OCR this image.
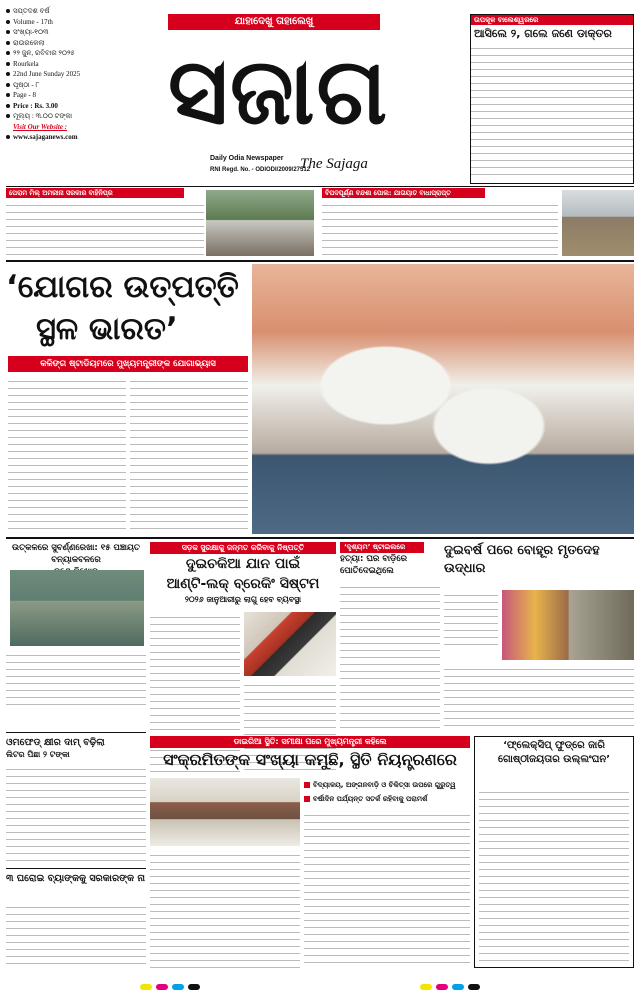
ସପ୍ତଦଶ ବର୍ଷ
Volume - 17th
ସଂଖ୍ୟା-୧୦୩
ରାଉରକେଲା
୨୨ ଜୁନ, ରବିବାର ୨୦୨୫
Rourkela
22nd June Sunday 2025
ପୃଷ୍ଠା - ୮
Page - 8
Price : Rs. 3.00
ମୂଲ୍ୟ : ୩.୦୦ ଟଙ୍କା
Visit Our Website :
www.sajaganews.com
ଯାହାଦେଖୁ ତାହାଲେଖୁ
ସଜାଗ
The Sajaga
Daily Odia Newspaper
RNI Regd. No. - ODIODI/2009/27512
ଉପକୂଳ ବାଲେଶ୍ୱରରେ
ଆସିଲେ ୨, ଗଲେ ଜଣେ ଡାକ୍ତର
ପେରାମ ମିଲ୍ ଅମରୀନା ସରକାର ବାହିନିପ୍ର	ବିପଦପୂର୍ଣ୍ଣ ବନ୍ଦଶା ପୋଲ: ଯାତାୟାତ ବାଧାପ୍ରାପ୍ତ
‘ଯୋଗର ଉତ୍ପତ୍ତି
ସ୍ଥଳ ଭାରତ’
କଳିଙ୍ଗ ଷ୍ଟାଡିୟମରେ ମୁଖ୍ୟମନ୍ତ୍ରୀଙ୍କ ଯୋଗାଭ୍ୟାସ
ଉତ୍କଳରେ ସୁବର୍ଣ୍ଣରେଖା: ୧୫ ପଞ୍ଚାୟତ ବନ୍ୟାକବଳରେ
ସଡ଼କ ସୁରକ୍ଷାକୁ ଜନ୍ମତ କରିବାକୁ ନିଷ୍ପତ୍ତି
ଦୁଇଚକିଆ ଯାନ ପାଇଁ
ଆଣ୍ଟି-ଲକ୍ ବ୍ରେକିଂ ସିଷ୍ଟମ
୨୦୨୬ ଜାନୁଆରୀରୁ ଲାଗୁ ହେବ ବ୍ୟବସ୍ଥା
‘ଦୃଶ୍ୟମ’ ଷ୍ଟାଇଲରେ
ହତ୍ୟା: ଘର ବାଡ଼ିରେ ପୋତିଦେଇଥିଲେ
ଦୁଇବର୍ଷ ପରେ ବୋହୂର ମୃତଦେହ ଉଦ୍ଧାର
ଓମଫେଡ୍ କ୍ଷୀର ଦାମ୍ ବଢ଼ିଲା
ଲିଟର ପିଛା ୨ ଟଙ୍କା
୩ ଘରୋଇ ବ୍ୟାଙ୍କକୁ ସରକାରଙ୍କ ନା
ଡାଇରିଆ ସ୍ଥିତି: ସମୀକ୍ଷା ପରେ ମୁଖ୍ୟମନ୍ତ୍ରୀ କହିଲେ
ସଂକ୍ରମିତଙ୍କ ସଂଖ୍ୟା କମୁଛି, ସ୍ଥିତି ନିୟନ୍ତ୍ରଣରେ
ବିଦ୍ୟାଳୟ, ଅଙ୍ଗନବାଡ଼ି ଓ ଚିକିତ୍ସା ଉପରେ ଗୁରୁତ୍ୱ
ବର୍ଷାଦିନ ପର୍ଯ୍ୟନ୍ତ ସତର୍କ ରହିବାକୁ ପରାମର୍ଶ
‘ଫ୍ଲେକ୍‌ସିପ୍ ଫୁଡ୍‌ରେ ଜାରି ଗୋଷ୍ଠୀଜୟତାର ଉଲ୍ଲଂଘନ’
